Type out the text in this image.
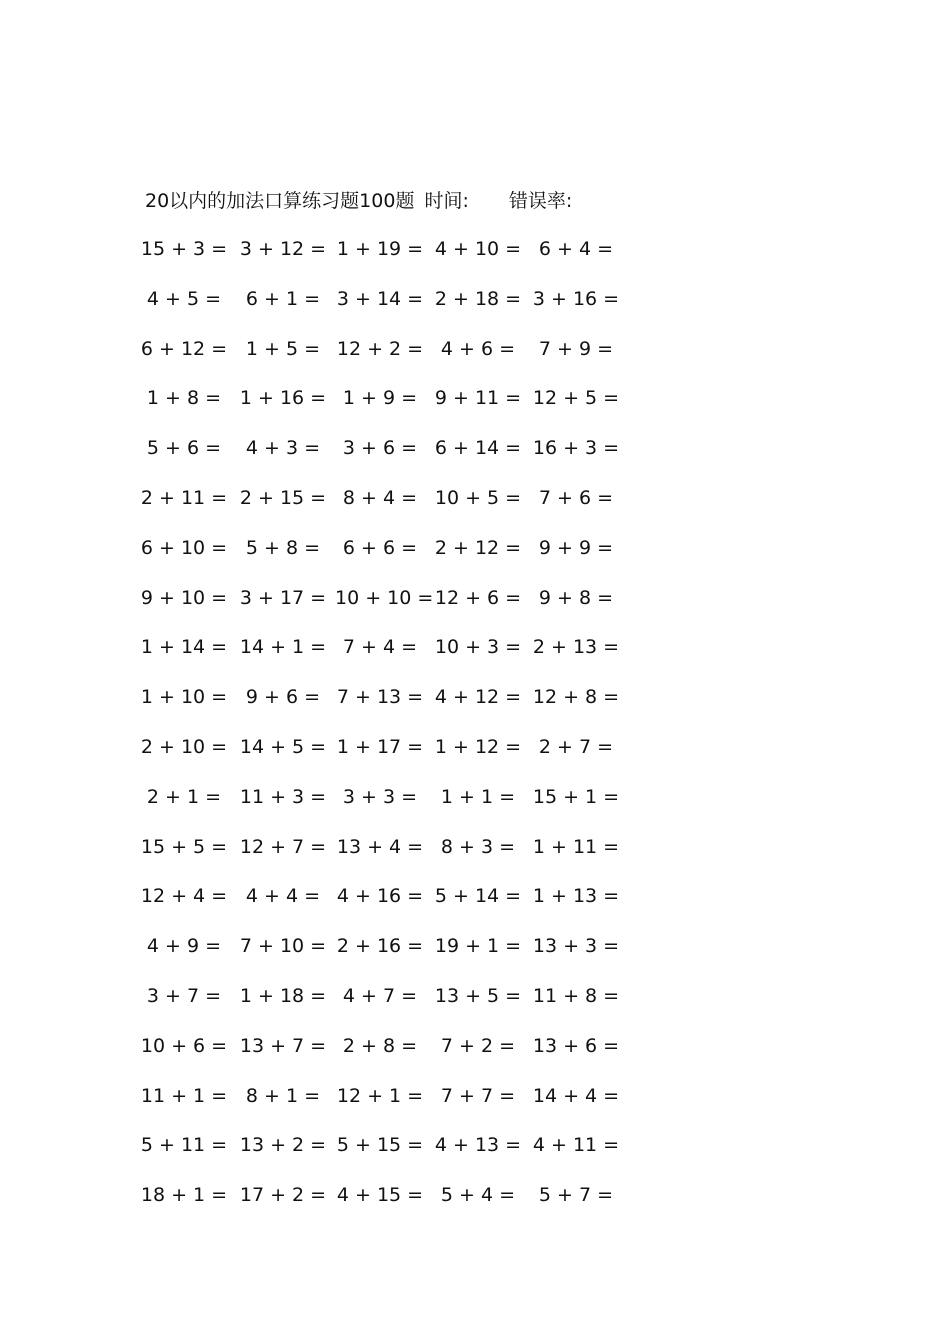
20以内的加法口算练习题100题 时间: 错误率:
15 + 3 = 3 + 12 = 1 + 19 = 4 + 10 = 6 + 4 =
4 + 5 =	6 + 1 = 3 + 14 = 2 + 18 = 3 + 16 =
6 + 12 = 1 + 5 = 12 + 2 = 4 + 6 =	7 + 9 =
1 + 8 = 1 + 16 = 1 + 9 = 9 + 11 = 12 + 5 =
5 + 6 =	4 + 3 =	3 + 6 = 6 + 14 = 16 + 3 =
2 + 11 = 2 + 15 = 8 + 4 = 10 + 5 = 7 + 6 =
6 + 10 = 5 + 8 =	6 + 6 = 2 + 12 = 9 + 9 =
9 + 10 = 3 + 17 = 10 + 10 = 12 + 6 = 9 + 8 =
1 + 14 = 14 + 1 = 7 + 4 = 10 + 3 = 2 + 13 =
1 + 10 = 9 + 6 = 7 + 13 = 4 + 12 = 12 + 8 =
2 + 10 = 14 + 5 = 1 + 17 = 1 + 12 = 2 + 7 =
2 + 1 = 11 + 3 = 3 + 3 =	1 + 1 = 15 + 1 =
15 + 5 = 12 + 7 = 13 + 4 = 8 + 3 = 1 + 11 =
12 + 4 = 4 + 4 = 4 + 16 = 5 + 14 = 1 + 13 =
4 + 9 = 7 + 10 = 2 + 16 = 19 + 1 = 13 + 3 =
3 + 7 = 1 + 18 = 4 + 7 = 13 + 5 = 11 + 8 =
10 + 6 = 13 + 7 = 2 + 8 =	7 + 2 = 13 + 6 =
11 + 1 = 8 + 1 = 12 + 1 = 7 + 7 = 14 + 4 =
5 + 11 = 13 + 2 = 5 + 15 = 4 + 13 = 4 + 11 =
18 + 1 = 17 + 2 = 4 + 15 = 5 + 4 =	5 + 7 =
